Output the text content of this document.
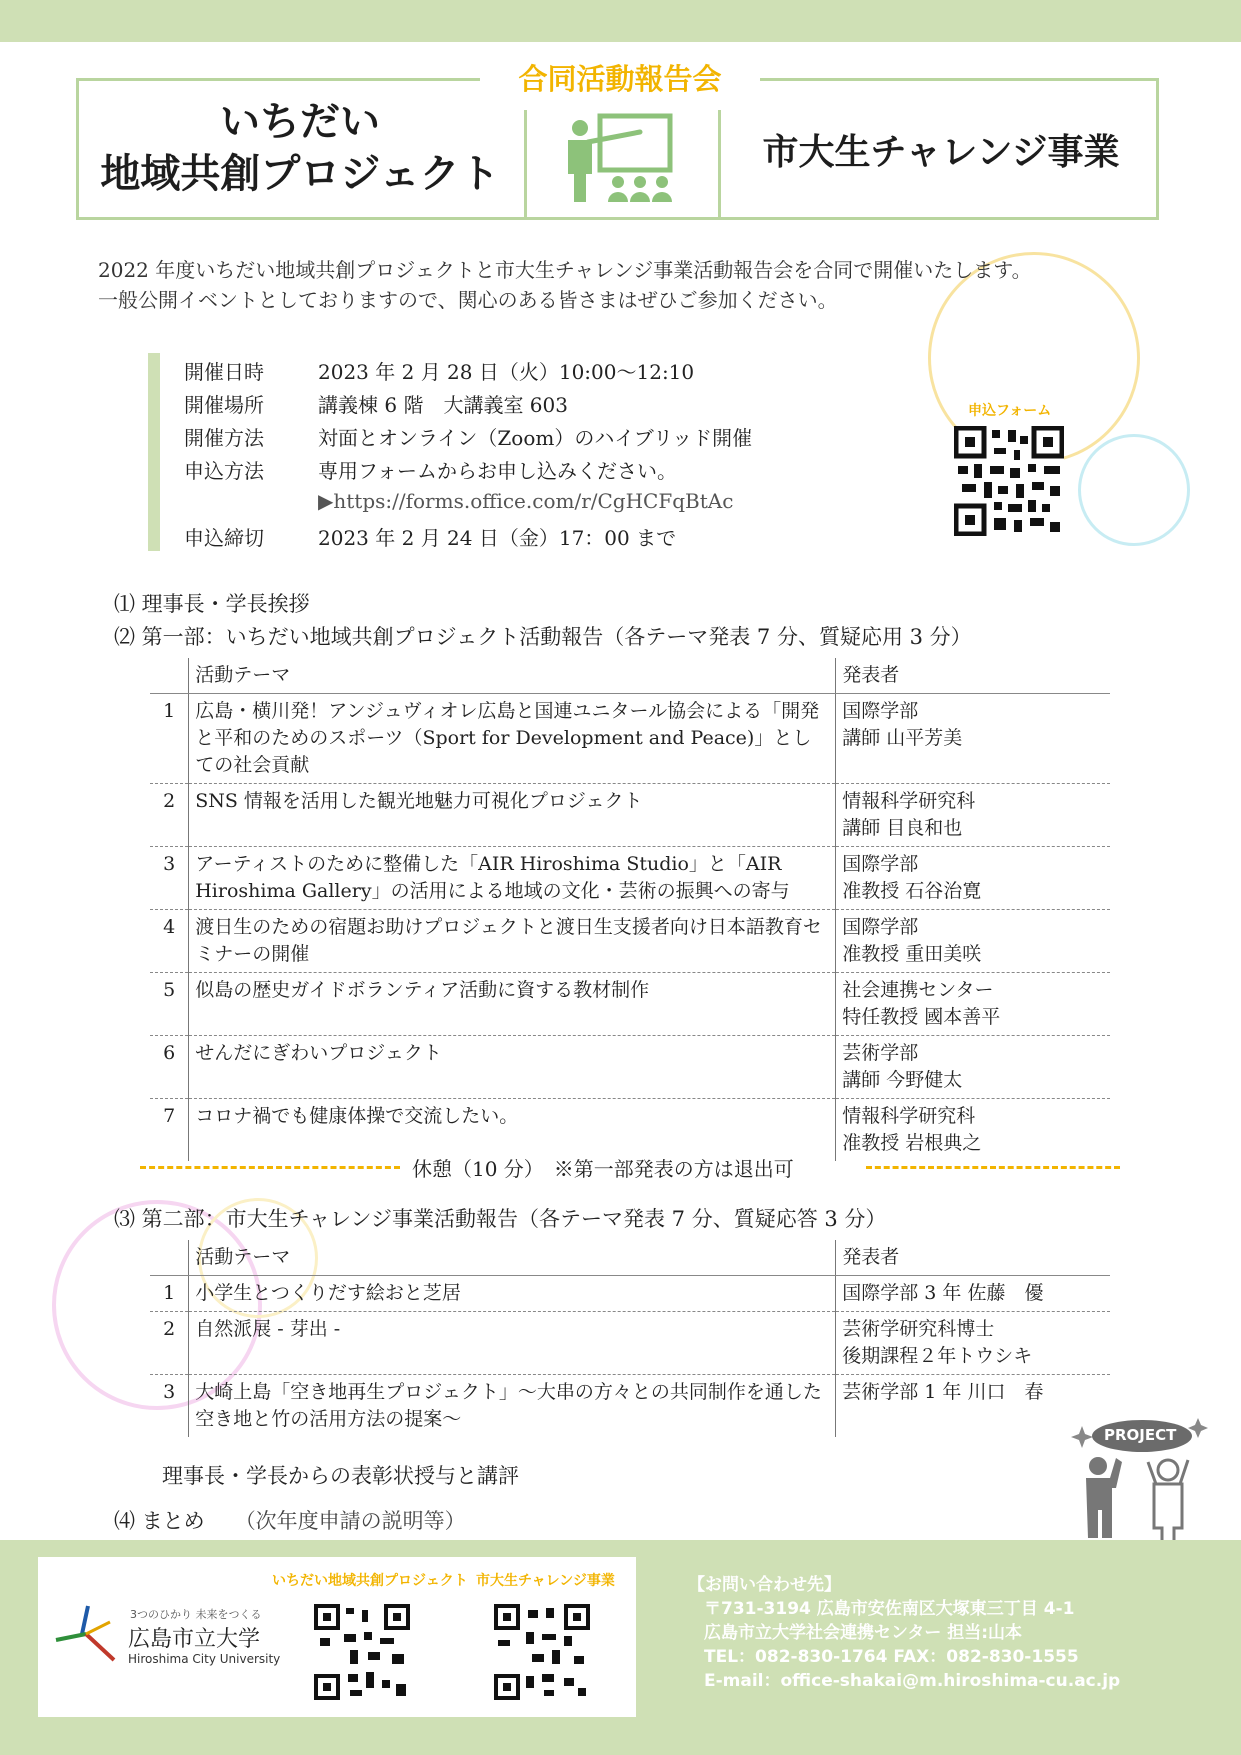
合同活動報告会
いちだい
地域共創プロジェクト	市大生チャレンジ事業
2022 年度いちだい地域共創プロジェクトと市大生チャレンジ事業活動報告会を合同で開催いたします。
一般公開イベントとしておりますので、関心のある皆さまはぜひご参加ください。
開催日時	2023 年 2 月 28 日（火）10:00〜12:10
開催場所	講義棟 6 階　大講義室 603
開催方法	対面とオンライン（Zoom）のハイブリッド開催
申込方法	専用フォームからお申し込みください。
▶https://forms.office.com/r/CgHCFqBtAc
申込締切	2023 年 2 月 24 日（金）17：00 まで
申込フォーム
⑴ 理事長・学長挨拶
⑵ 第一部：いちだい地域共創プロジェクト活動報告（各テーマ発表 7 分、質疑応用 3 分）
	活動テーマ	発表者
1	広島・横川発！アンジュヴィオレ広島と国連ユニタール協会による「開発と平和のためのスポーツ（Sport for Development and Peace)」としての社会貢献	国際学部
講師 山平芳美

2	SNS 情報を活用した観光地魅力可視化プロジェクト	情報科学研究科
講師 目良和也

3	アーティストのために整備した「AIR Hiroshima Studio」と「AIR Hiroshima Gallery」の活用による地域の文化・芸術の振興への寄与	国際学部
准教授 石谷治寛

4	渡日生のための宿題お助けプロジェクトと渡日生支援者向け日本語教育セミナーの開催	国際学部
准教授 重田美咲

5	似島の歴史ガイドボランティア活動に資する教材制作	社会連携センター
特任教授 國本善平

6	せんだにぎわいプロジェクト	芸術学部
講師 今野健太

7	コロナ禍でも健康体操で交流したい。	情報科学研究科
准教授 岩根典之
休憩（10 分）　※第一部発表の方は退出可
⑶ 第二部：市大生チャレンジ事業活動報告（各テーマ発表 7 分、質疑応答 3 分）
	活動テーマ	発表者
1	小学生とつくりだす絵おと芝居	国際学部 3 年 佐藤　優

2	自然派展 - 芽出 -	芸術学研究科博士
後期課程２年トウシキ

3	大崎上島「空き地再生プロジェクト」〜大串の方々との共同制作を通した空き地と竹の活用方法の提案〜	芸術学部 1 年 川口　春
理事長・学長からの表彰状授与と講評
⑷ まとめ （次年度申請の説明等）
PROJECT
3つのひかり 未来をつくる
広島市立大学
Hiroshima City University
いちだい地域共創プロジェクト 市大生チャレンジ事業	【お問い合わせ先】
〒731-3194 広島市安佐南区大塚東三丁目 4-1
広島市立大学社会連携センター 担当:山本
TEL：082-830-1764 FAX：082-830-1555
E-mail：office-shakai@m.hiroshima-cu.ac.jp
